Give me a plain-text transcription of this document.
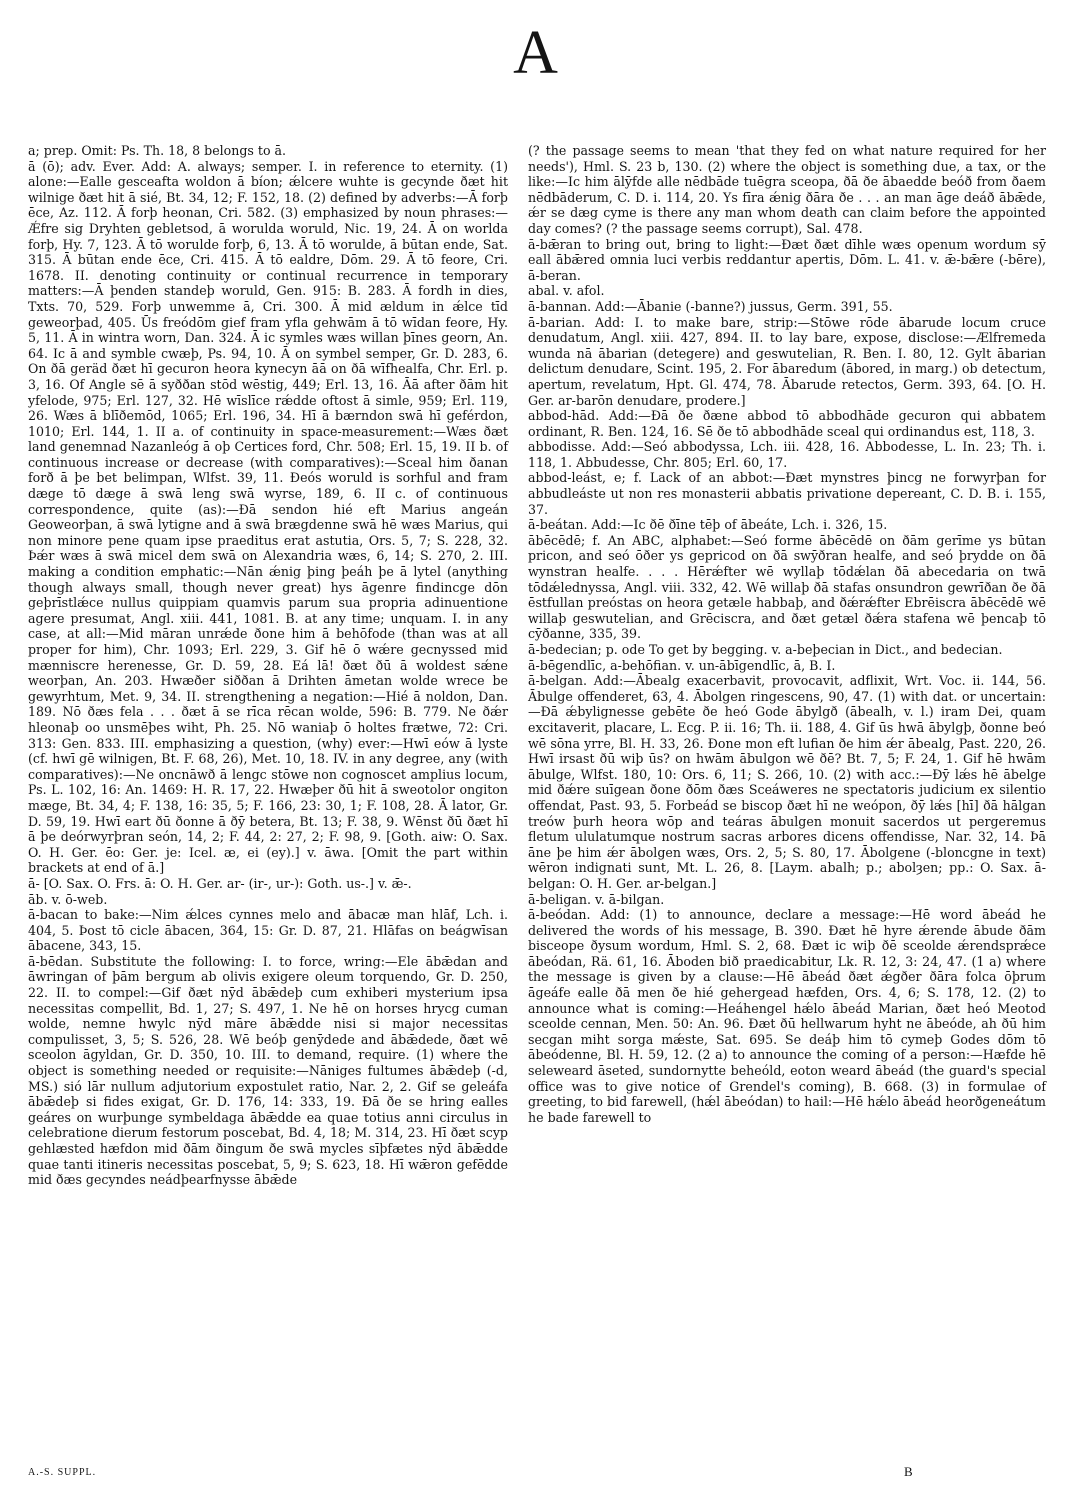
A

a; prep. Omit: Ps. Th. 18, 8 belongs to ā.

ā (ō); adv. Ever. Add: A. always; semper. I. in reference to eternity. (1) alone:—Ealle gesceafta woldon ā bíon; ǽlcere wuhte is gecynde ðæt hit wilnige ðæt hit ā sié, Bt. 34, 12; F. 152, 18. (2) defined by adverbs:—Ā forþ ēce, Az. 112. Ā forþ heonan, Cri. 582. (3) emphasized by noun phrases:—Ǽfre sig Dryhten gebletsod, ā worulda woruld, Nic. 19, 24. Ā on worlda forþ, Hy. 7, 123. Ā tō worulde forþ, 6, 13. Ā tō worulde, ā būtan ende, Sat. 315. Ā būtan ende ēce, Cri. 415. Ā tō ealdre, Dōm. 29. Ā tō feore, Cri. 1678. II. denoting continuity or continual recurrence in temporary matters:—Ā þenden standeþ woruld, Gen. 915: B. 283. Ā fordh in dies, Txts. 70, 529. Forþ unwemme ā, Cri. 300. Ā mid ældum in ǽlce tīd geweorþad, 405. Ūs freódōm gief fram yfla gehwām ā tō wīdan feore, Hy. 5, 11. Ā in wintra worn, Dan. 324. Ā ic symles wæs willan þīnes georn, An. 64. Ic ā and symble cwæþ, Ps. 94, 10. Ā on symbel semper, Gr. D. 283, 6. On ðā geräd ðæt hī gecuron heora kynecyn āā on ðā wīfhealfa, Chr. Erl. p. 3, 16. Of Angle sē ā syððan stōd wēstig, 449; Erl. 13, 16. Āā after ðām hit yfelode, 975; Erl. 127, 32. Hē wīslīce rǽdde oftost ā simle, 959; Erl. 119, 26. Wæs ā blīðemōd, 1065; Erl. 196, 34. Hī ā bærndon swā hī geférdon, 1010; Erl. 144, 1. II a. of continuity in space-measurement:—Wæs ðæt land genemnad Nazanleóg ā oþ Certices ford, Chr. 508; Erl. 15, 19. II b. of continuous increase or decrease (with comparatives):—Sceal him ðanan forð ā þe bet belimpan, Wlfst. 39, 11. Ðeós woruld is sorhful and fram dæge tō dæge ā swā leng swā wyrse, 189, 6. II c. of continuous correspondence, quite (as):—Ðā sendon hié eft Marius angeán Geoweorþan, ā swā lytigne and ā swā brægdenne swā hē wæs Marius, qui non minore pene quam ipse praeditus erat astutia, Ors. 5, 7; S. 228, 32. Þǽr wæs ā swā micel dem swā on Alexandria wæs, 6, 14; S. 270, 2. III. making a condition emphatic:—Nān ǽnig þing þeáh þe ā lytel (anything though always small, though never great) hys āgenre findincge dōn geþrīstlǽce nullus quippiam quamvis parum sua propria adinuentione agere presumat, Angl. xiii. 441, 1081. B. at any time; unquam. I. in any case, at all:—Mid māran unrǽde ðone him ā behōfode (than was at all proper for him), Chr. 1093; Erl. 229, 3. Gif hē ō wǽre gecnyssed mid mænniscre herenesse, Gr. D. 59, 28. Eá lā! ðæt ðū ā woldest sǽne weorþan, An. 203. Hwæðer siððan ā Drihten āmetan wolde wrece be gewyrhtum, Met. 9, 34. II. strengthening a negation:—Hié ā noldon, Dan. 189. Nō ðæs fela . . . ðæt ā se rīca rēcan wolde, 596: B. 779. Ne ðǽr hleonaþ oo unsmēþes wiht, Ph. 25. Nō waniaþ ō holtes frætwe, 72: Cri. 313: Gen. 833. III. emphasizing a question, (why) ever:—Hwī eów ā lyste (cf. hwī gē wilnigen, Bt. F. 68, 26), Met. 10, 18. IV. in any degree, any (with comparatives):—Ne oncnāwð ā lengc stōwe non cognoscet amplius locum, Ps. L. 102, 16: An. 1469: H. R. 17, 22. Hwæþer ðū hit ā sweotolor ongiton mæge, Bt. 34, 4; F. 138, 16: 35, 5; F. 166, 23: 30, 1; F. 108, 28. Ā lator, Gr. D. 59, 19. Hwī eart ðū ðonne ā ðȳ betera, Bt. 13; F. 38, 9. Wēnst ðū ðæt hī ā þe deórwyrþran seón, 14, 2; F. 44, 2: 27, 2; F. 98, 9. [Goth. aiw: O. Sax. O. H. Ger. ēo: Ger. je: Icel. æ, ei (ey).] v. āwa. [Omit the part within brackets at end of ā.]

ā- [O. Sax. O. Frs. ā: O. H. Ger. ar- (ir-, ur-): Goth. us-.] v. ǣ-.

āb. v. ō-web.

ā-bacan to bake:—Nim ǽlces cynnes melo and ābacæ man hlāf, Lch. i. 404, 5. Þost tō cicle ābacen, 364, 15: Gr. D. 87, 21. Hlāfas on beágwīsan ābacene, 343, 15.

ā-bēdan. Substitute the following: I. to force, wring:—Ele ābǣdan and āwringan of þām bergum ab olivis exigere oleum torquendo, Gr. D. 250, 22. II. to compel:—Gif ðæt nȳd ābǣdeþ cum exhiberi mysterium ipsa necessitas compellit, Bd. 1, 27; S. 497, 1. Ne hē on horses hrycg cuman wolde, nemne hwylc nȳd māre ābǣdde nisi si major necessitas compulisset, 3, 5; S. 526, 28. Wē beóþ genȳdede and ābǣdede, ðæt wē sceolon āgyldan, Gr. D. 350, 10. III. to demand, require. (1) where the object is something needed or requisite:—Nāniges fultumes ābǣdeþ (-d, MS.) sió lār nullum adjutorium expostulet ratio, Nar. 2, 2. Gif se geleáfa ābǣdeþ si fides exigat, Gr. D. 176, 14: 333, 19. Ðā ðe se hring ealles geáres on wurþunge symbeldaga ābǣdde ea quae totius anni circulus in celebratione dierum festorum poscebat, Bd. 4, 18; M. 314, 23. Hī ðæt scyp gehlæsted hæfdon mid ðām ðingum ðe swā mycles sīþfætes nȳd ābǣdde quae tanti itineris necessitas poscebat, 5, 9; S. 623, 18. Hī wǣron gefēdde mid ðæs gecyndes neádþearfnysse ābǣde

(? the passage seems to mean 'that they fed on what nature required for her needs'), Hml. S. 23 b, 130. (2) where the object is something due, a tax, or the like:—Ic him ālȳfde alle nēdbāde tuēgra sceopa, ðā ðe ābaedde beóð from ðaem nēdbāderum, C. D. i. 114, 20. Ys fīra ǽnig ðāra ðe . . . an man āge deáð ābǣde, ǽr se dæg cyme is there any man whom death can claim before the appointed day comes? (? the passage seems corrupt), Sal. 478.

ā-bǣran to bring out, bring to light:—Ðæt ðæt dīhle wæs openum wordum sȳ eall ābǣred omnia luci verbis reddantur apertis, Dōm. L. 41. v. ǣ-bǣre (-bēre), ā-beran.

abal. v. afol.

ā-bannan. Add:—Ābanie (-banne?) jussus, Germ. 391, 55.

ā-barian. Add: I. to make bare, strip:—Stōwe rōde ābarude locum cruce denudatum, Angl. xiii. 427, 894. II. to lay bare, expose, disclose:—Ælfremeda wunda nā ābarian (detegere) and geswutelian, R. Ben. I. 80, 12. Gylt ābarian delictum denudare, Scint. 195, 2. For ābaredum (ābored, in marg.) ob detectum, apertum, revelatum, Hpt. Gl. 474, 78. Ābarude retectos, Germ. 393, 64. [O. H. Ger. ar-barōn denudare, prodere.]

abbod-hād. Add:—Ðā ðe ðæne abbod tō abbodhāde gecuron qui abbatem ordinant, R. Ben. 124, 16. Sē ðe tō abbodhāde sceal qui ordinandus est, 118, 3.

abbodisse. Add:—Seó abbodyssa, Lch. iii. 428, 16. Abbodesse, L. In. 23; Th. i. 118, 1. Abbudesse, Chr. 805; Erl. 60, 17.

abbod-leást, e; f. Lack of an abbot:—Ðæt mynstres þincg ne forwyrþan for abbudleáste ut non res monasterii abbatis privatione depereant, C. D. B. i. 155, 37.

ā-beátan. Add:—Ic ðē ðīne tēþ of ābeáte, Lch. i. 326, 15.

ābēcēdē; f. An ABC, alphabet:—Seó forme ābēcēdē on ðām gerīme ys būtan pricon, and seó ōðer ys gepricod on ðā swȳðran healfe, and seó þrydde on ðā wynstran healfe. . . . Hērǽfter wē wyllaþ tōdǽlan ðā abecedaria on twā tōdǽlednyssa, Angl. viii. 332, 42. Wē willaþ ðā stafas onsundron gewrīðan ðe ðā ēstfullan preóstas on heora getæle habbaþ, and ðǽrǽfter Ebrēiscra ābēcēdē wē willaþ geswutelian, and Grēciscra, and ðæt getæl ðǽra stafena wē þencaþ tō cȳðanne, 335, 39.

ā-bedecian; p. ode To get by begging. v. a-beþecian in Dict., and bedecian.

ā-bēgendlīc, a-behōfian. v. un-ābīgendlīc, ā, B. I.

ā-belgan. Add:—Ābealg exacerbavit, provocavit, adflixit, Wrt. Voc. ii. 144, 56. Ābulge offenderet, 63, 4. Ābolgen ringescens, 90, 47. (1) with dat. or uncertain:—Ðā ǽbylignesse gebēte ðe heó Gode ābylgð (ābealh, v. l.) iram Dei, quam excitaverit, placare, L. Ecg. P. ii. 16; Th. ii. 188, 4. Gif ūs hwā ābylgþ, ðonne beó wē sōna yrre, Bl. H. 33, 26. Ðone mon eft lufian ðe him ǽr ābealg, Past. 220, 26. Hwī irsast ðū wiþ ūs? on hwām ābulgon wē ðē? Bt. 7, 5; F. 24, 1. Gif hē hwām ābulge, Wlfst. 180, 10: Ors. 6, 11; S. 266, 10. (2) with acc.:—Ðȳ lǽs hē ābelge mid ðǽre suīgean ðone ðōm ðæs Sceáweres ne spectatoris judicium ex silentio offendat, Past. 93, 5. Forbeád se biscop ðæt hī ne weópon, ðȳ lǽs [hī] ðā hālgan treów þurh heora wōp and teáras ābulgen monuit sacerdos ut pergeremus fletum ululatumque nostrum sacras arbores dicens offendisse, Nar. 32, 14. Þā āne þe him ǽr ābolgen wæs, Ors. 2, 5; S. 80, 17. Ābolgene (-bloncgne in text) wēron indignati sunt, Mt. L. 26, 8. [Laym. abalh; p.; abolȝen; pp.: O. Sax. ā-belgan: O. H. Ger. ar-belgan.]

ā-beligan. v. ā-bilgan.

ā-beódan. Add: (1) to announce, declare a message:—Hē word ābeád he delivered the words of his message, B. 390. Ðæt hē hyre ǽrende ābude ðām bisceope ðysum wordum, Hml. S. 2, 68. Ðæt ic wiþ ðē sceolde ǽrendsprǽce ābeódan, Rä. 61, 16. Āboden bið praedicabitur, Lk. R. 12, 3: 24, 47. (1 a) where the message is given by a clause:—Hē ābeád ðæt ǽgðer ðāra folca ōþrum āgeáfe ealle ðā men ðe hié gehergead hæfden, Ors. 4, 6; S. 178, 12. (2) to announce what is coming:—Heáhengel hǽlo ābeád Marian, ðæt heó Meotod sceolde cennan, Men. 50: An. 96. Ðæt ðū hellwarum hyht ne ābeóde, ah ðū him secgan miht sorga mǽste, Sat. 695. Se deáþ him tō cymeþ Godes dōm tō ābeódenne, Bl. H. 59, 12. (2 a) to announce the coming of a person:—Hæfde hē seleweard āseted, sundornytte beheóld, eoton weard ābeád (the guard's special office was to give notice of Grendel's coming), B. 668. (3) in formulae of greeting, to bid farewell, (hǽl ābeódan) to hail:—Hē hǽlo ābeád heorðgeneátum he bade farewell to

A.-S. SUPPL.	B
